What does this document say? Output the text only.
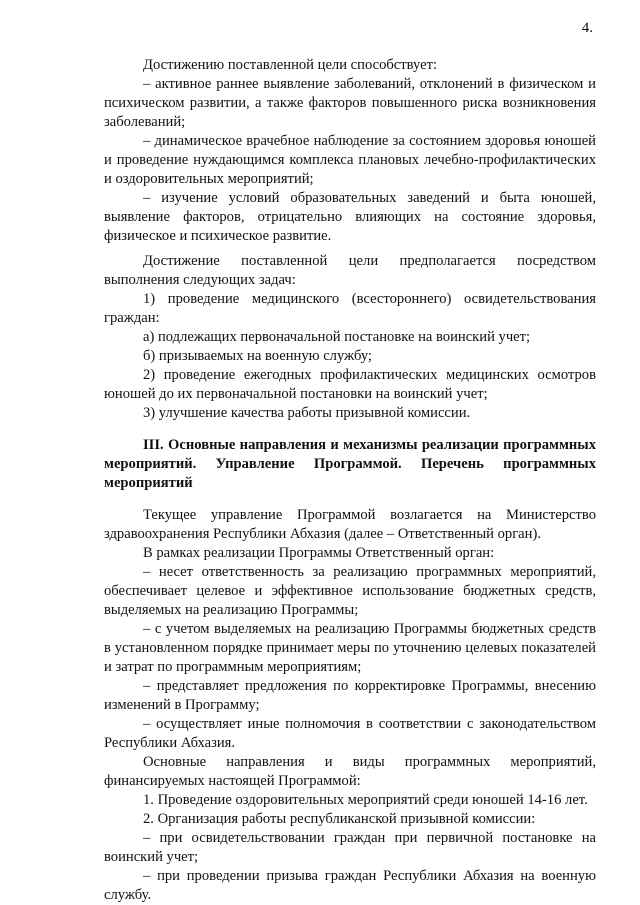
4.

Достижению поставленной цели способствует:

– активное раннее выявление заболеваний, отклонений в физическом и психическом развитии, а также факторов повышенного риска возникновения заболеваний;

– динамическое врачебное наблюдение за состоянием здоровья юношей и проведение нуждающимся комплекса плановых лечебно-профилактических и оздоровительных мероприятий;

– изучение условий образовательных заведений и быта юношей, выявление факторов, отрицательно влияющих на состояние здоровья, физическое и психическое развитие.

Достижение поставленной цели предполагается посредством выполнения следующих задач:

1) проведение медицинского (всестороннего) освидетельствования граждан:

а) подлежащих первоначальной постановке на воинский учет;

б) призываемых на военную службу;

2) проведение ежегодных профилактических медицинских осмотров юношей до их первоначальной постановки на воинский учет;

3) улучшение качества работы призывной комиссии.

III. Основные направления и механизмы реализации программных мероприятий. Управление Программой. Перечень программных мероприятий

Текущее управление Программой возлагается на Министерство здравоохранения Республики Абхазия (далее – Ответственный орган).

В рамках реализации Программы Ответственный орган:

– несет ответственность за реализацию программных мероприятий, обеспечивает целевое и эффективное использование бюджетных средств, выделяемых на реализацию Программы;

– с учетом выделяемых на реализацию Программы бюджетных средств в установленном порядке принимает меры по уточнению целевых показателей и затрат по программным мероприятиям;

– представляет предложения по корректировке Программы, внесению изменений в Программу;

– осуществляет иные полномочия в соответствии с законодательством Республики Абхазия.

Основные направления и виды программных мероприятий, финансируемых настоящей Программой:

1. Проведение оздоровительных мероприятий среди юношей 14-16 лет.

2. Организация работы республиканской призывной комиссии:

– при освидетельствовании граждан при первичной постановке на воинский учет;

– при проведении призыва граждан Республики Абхазия на военную службу.
